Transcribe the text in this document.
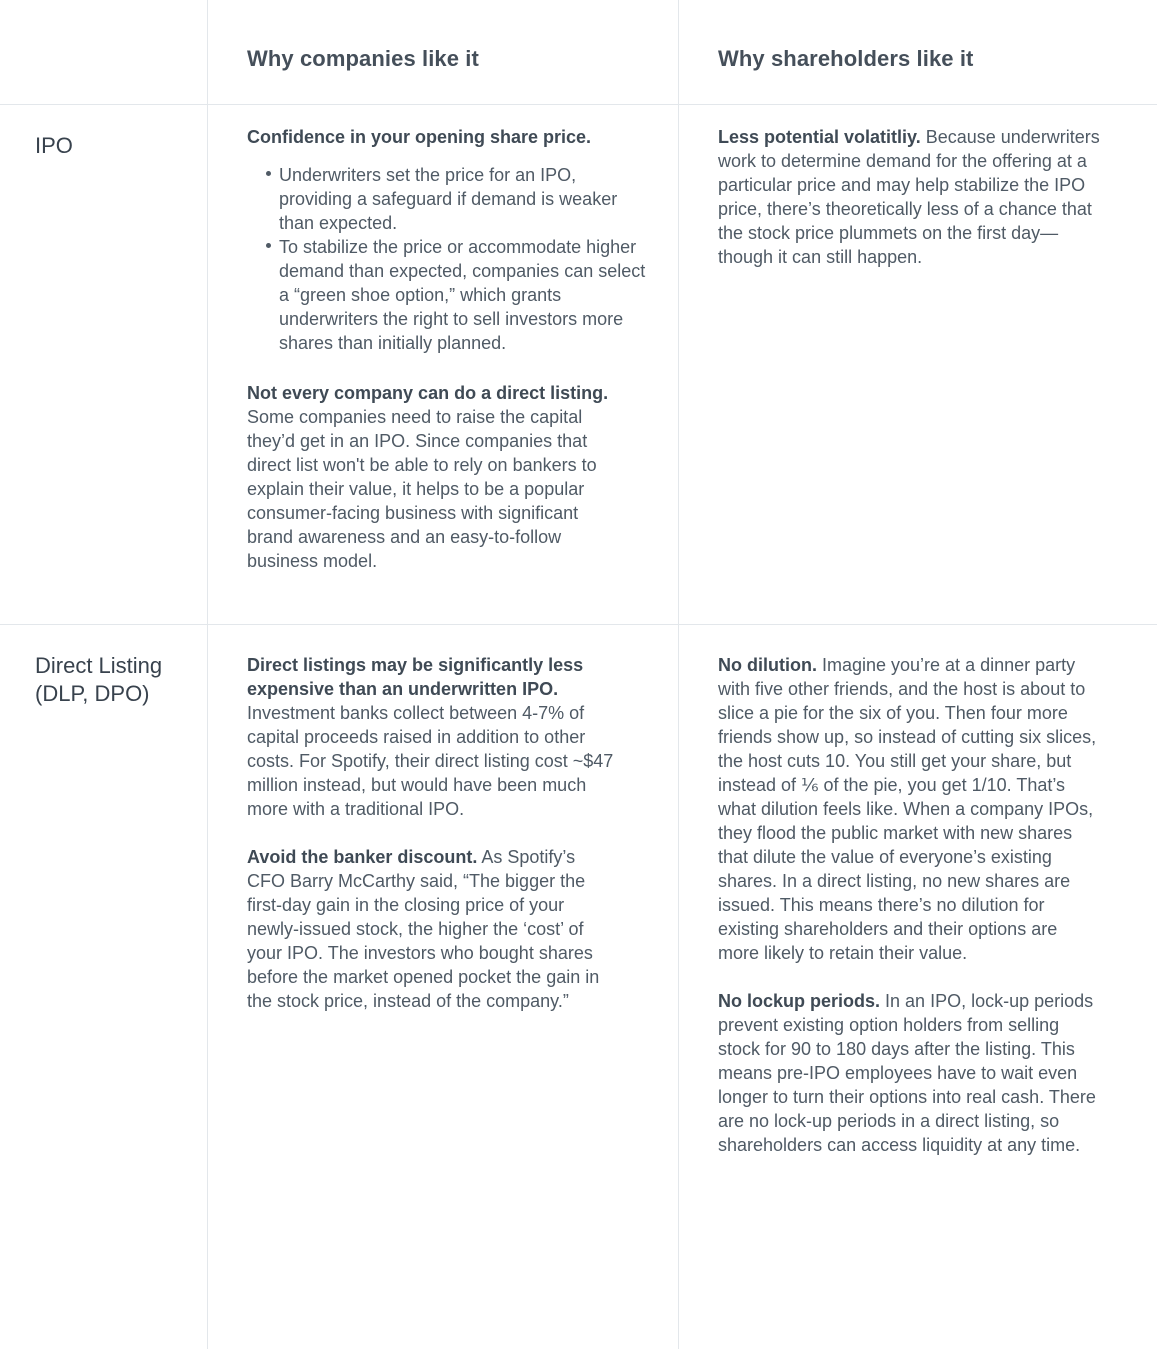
Why companies like it	Why shareholders like it
IPO	Confidence in your opening share price.
Underwriters set the price for an IPO, providing a safeguard if demand is weaker than expected.
To stabilize the price or accommodate higher demand than expected, companies can select a “green shoe option,” which grants underwriters the right to sell investors more shares than initially planned.

Not every company can do a direct listing. Some companies need to raise the capital they’d get in an IPO. Since companies that direct list won't be able to rely on bankers to explain their value, it helps to be a popular consumer-facing business with significant brand awareness and an easy-to-follow business model.

Less potential volatitliy. Because underwriters work to determine demand for the offering at a particular price and may help stabilize the IPO price, there’s theoretically less of a chance that the stock price plummets on the first day—though it can still happen.

Direct Listing (DLP, DPO)

Direct listings may be significantly less expensive than an underwritten IPO. Investment banks collect between 4-7% of capital proceeds raised in addition to other costs. For Spotify, their direct listing cost ~$47 million instead, but would have been much more with a traditional IPO.

Avoid the banker discount. As Spotify’s CFO Barry McCarthy said, “The bigger the first-day gain in the closing price of your newly-issued stock, the higher the ‘cost’ of your IPO. The investors who bought shares before the market opened pocket the gain in the stock price, instead of the company.”

No dilution. Imagine you’re at a dinner party with five other friends, and the host is about to slice a pie for the six of you. Then four more friends show up, so instead of cutting six slices, the host cuts 10. You still get your share, but instead of ⅙ of the pie, you get 1/10. That’s what dilution feels like. When a company IPOs, they flood the public market with new shares that dilute the value of everyone’s existing shares. In a direct listing, no new shares are issued. This means there’s no dilution for existing shareholders and their options are more likely to retain their value.

No lockup periods. In an IPO, lock-up periods prevent existing option holders from selling stock for 90 to 180 days after the listing. This means pre-IPO employees have to wait even longer to turn their options into real cash. There are no lock-up periods in a direct listing, so shareholders can access liquidity at any time.
